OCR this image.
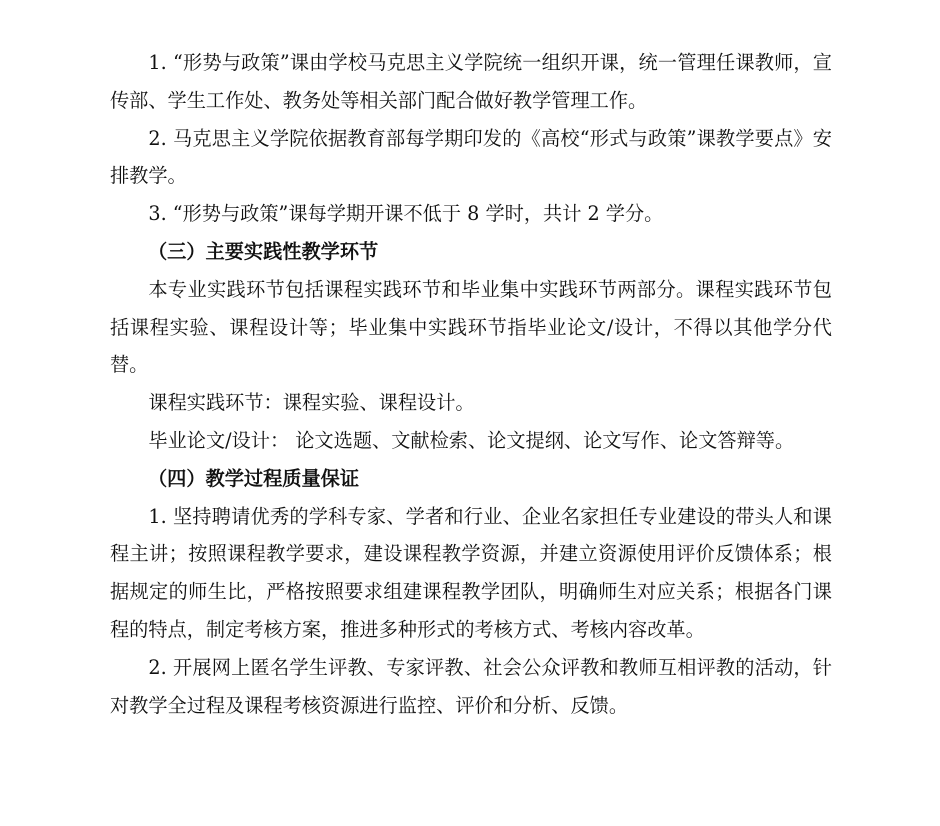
1. “形势与政策”课由学校马克思主义学院统一组织开课，统一管理任课教师，宣传部、学生工作处、教务处等相关部门配合做好教学管理工作。

2. 马克思主义学院依据教育部每学期印发的《高校“形式与政策”课教学要点》安排教学。

3. “形势与政策”课每学期开课不低于 8 学时，共计 2 学分。

（三）主要实践性教学环节

本专业实践环节包括课程实践环节和毕业集中实践环节两部分。课程实践环节包括课程实验、课程设计等；毕业集中实践环节指毕业论文/设计，不得以其他学分代替。

课程实践环节：课程实验、课程设计。

毕业论文/设计： 论文选题、文献检索、论文提纲、论文写作、论文答辩等。

（四）教学过程质量保证

1. 坚持聘请优秀的学科专家、学者和行业、企业名家担任专业建设的带头人和课程主讲；按照课程教学要求，建设课程教学资源，并建立资源使用评价反馈体系；根据规定的师生比，严格按照要求组建课程教学团队，明确师生对应关系；根据各门课程的特点，制定考核方案，推进多种形式的考核方式、考核内容改革。

2. 开展网上匿名学生评教、专家评教、社会公众评教和教师互相评教的活动，针对教学全过程及课程考核资源进行监控、评价和分析、反馈。
